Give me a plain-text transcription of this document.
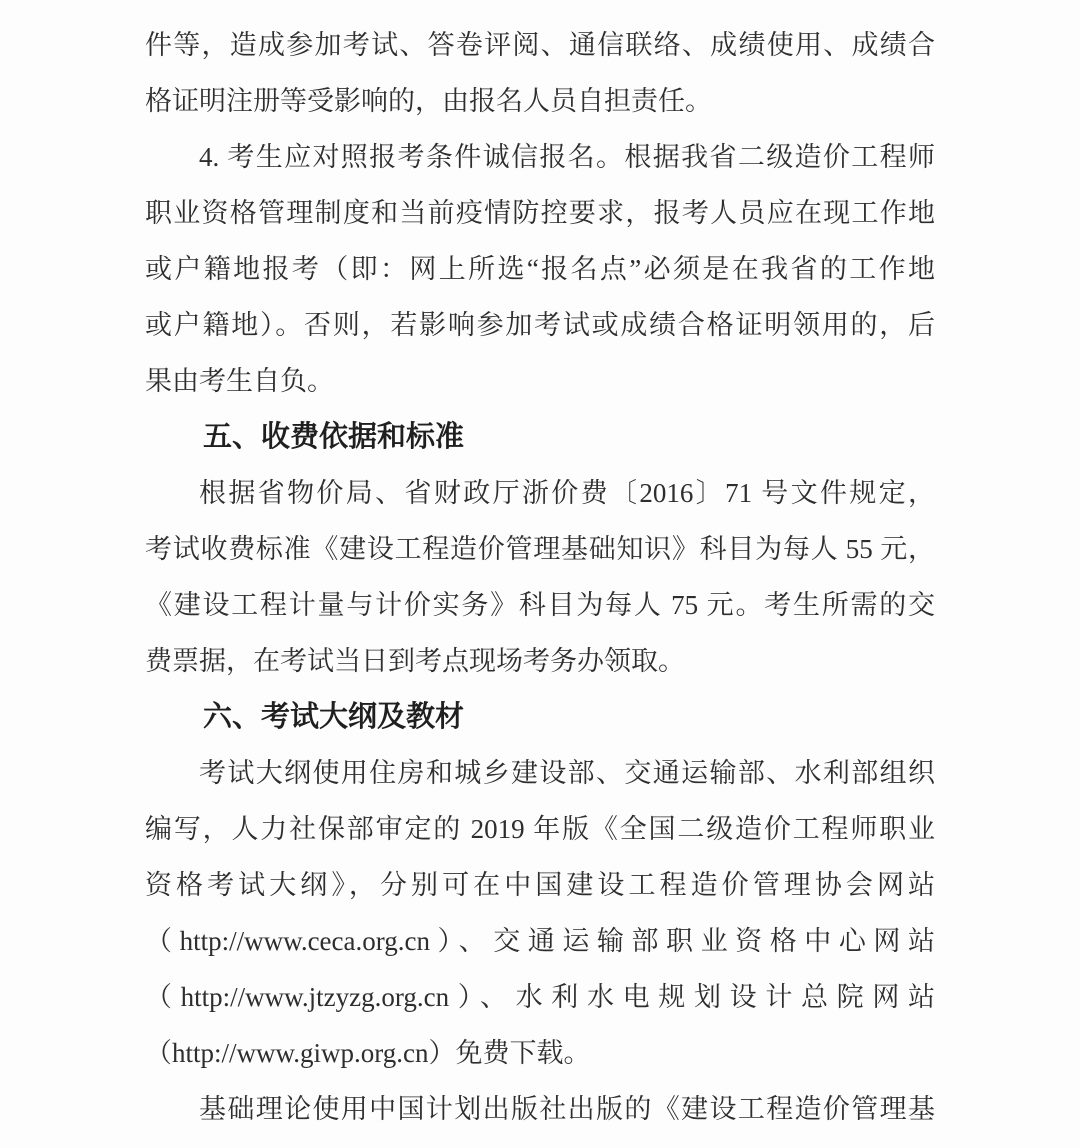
件等，造成参加考试、答卷评阅、通信联络、成绩使用、成绩合
格证明注册等受影响的，由报名人员自担责任。
4. 考生应对照报考条件诚信报名。根据我省二级造价工程师
职业资格管理制度和当前疫情防控要求，报考人员应在现工作地
或户籍地报考（即：网上所选“报名点”必须是在我省的工作地
或户籍地）。否则，若影响参加考试或成绩合格证明领用的，后
果由考生自负。
五、收费依据和标准
根据省物价局、省财政厅浙价费〔2016〕71 号文件规定，
考试收费标准《建设工程造价管理基础知识》科目为每人 55 元，
《建设工程计量与计价实务》科目为每人 75 元。考生所需的交
费票据，在考试当日到考点现场考务办领取。
六、考试大纲及教材
考试大纲使用住房和城乡建设部、交通运输部、水利部组织
编写，人力社保部审定的 2019 年版《全国二级造价工程师职业
资格考试大纲》，分别可在中国建设工程造价管理协会网站
（http://www.ceca.org.cn）、交通运输部职业资格中心网站
（http://www.jtzyzg.org.cn）、水利水电规划设计总院网站
（http://www.giwp.org.cn）免费下载。
基础理论使用中国计划出版社出版的《建设工程造价管理基
